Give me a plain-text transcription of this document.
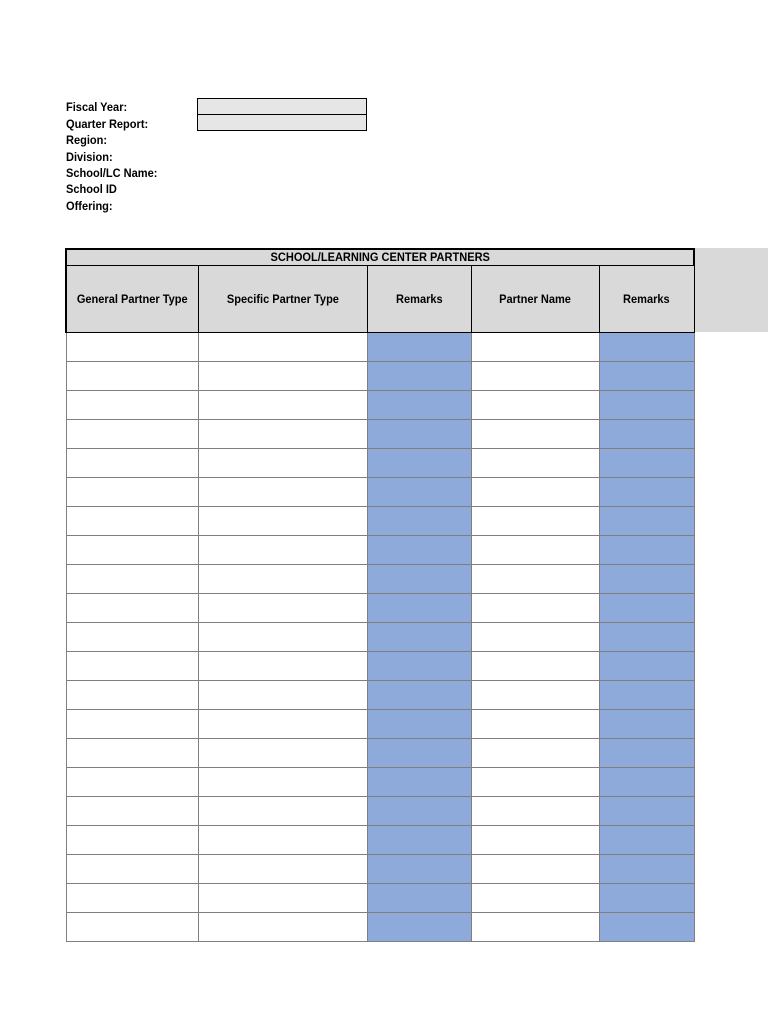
Fiscal Year:
Quarter Report:
Region:
Division:
School/LC Name:
School ID
Offering:
SCHOOL/LEARNING CENTER PARTNERS				
General Partner Type	Specific Partner Type	Remarks	Partner Name	Remarks
